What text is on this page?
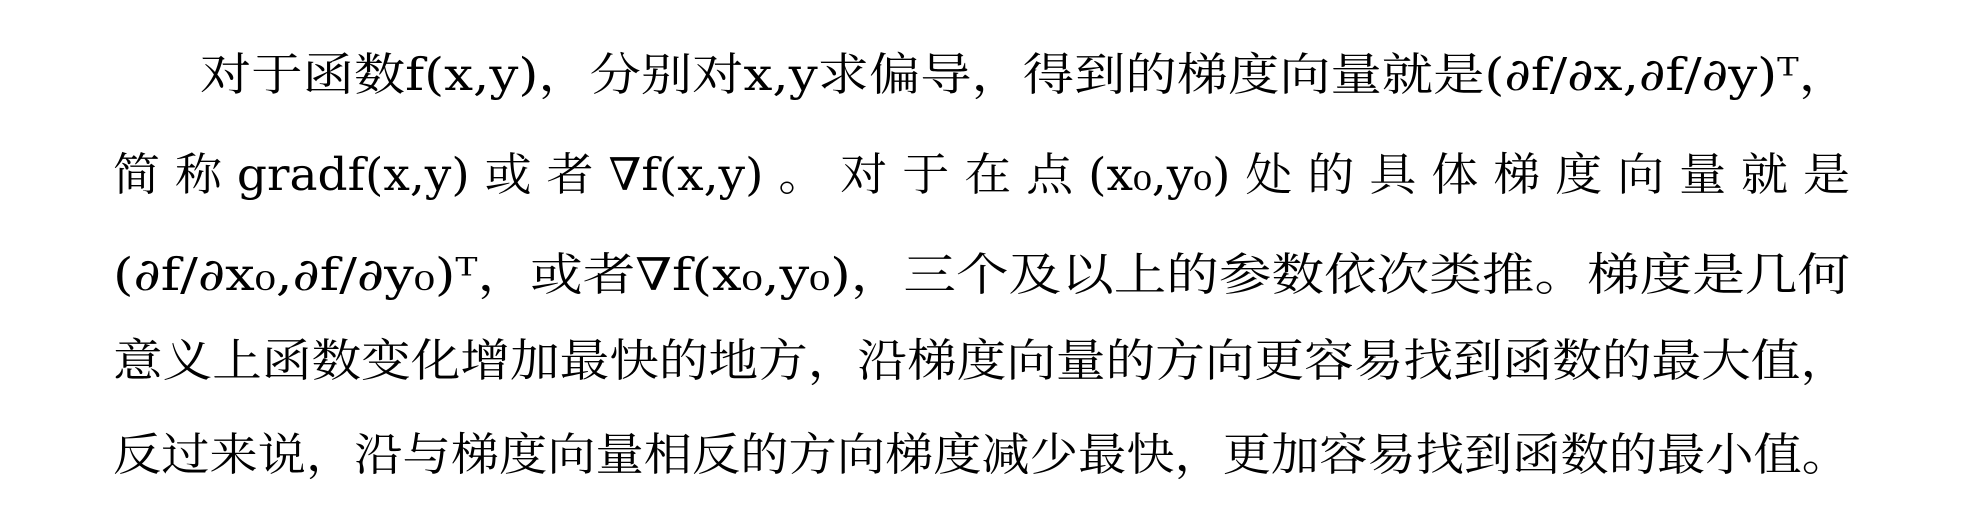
对于函数f(x,y)，分别对x,y求偏导，得到的梯度向量就是(∂f/∂x,∂f/∂y)ᵀ，
简 称 gradf(x,y) 或 者 ∇f(x,y) 。 对 于 在 点 (x₀,y₀) 处 的 具 体 梯 度 向 量 就 是
(∂f/∂x₀,∂f/∂y₀)ᵀ，或者∇f(x₀,y₀)，三个及以上的参数依次类推。梯度是几何
意义上函数变化增加最快的地方，沿梯度向量的方向更容易找到函数的最大值，
反过来说，沿与梯度向量相反的方向梯度减少最快，更加容易找到函数的最小值。
